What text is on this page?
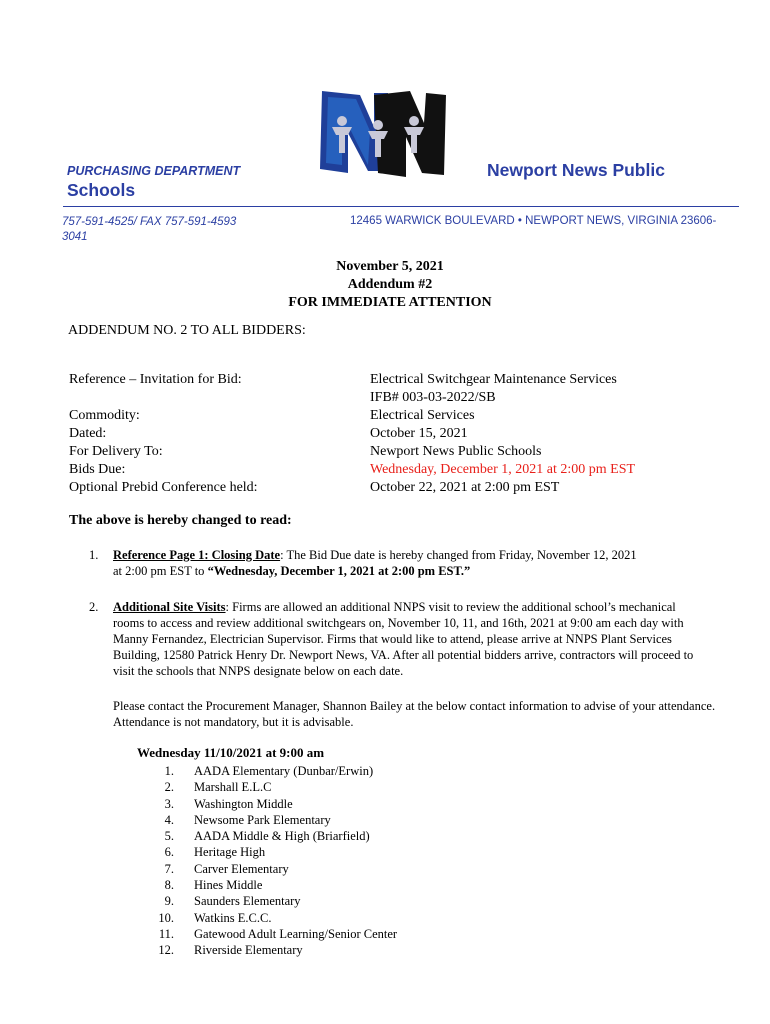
PURCHASING DEPARTMENT	Newport News Public
Schools
757-591-4525/ FAX 757-591-4593
3041
12465 WARWICK BOULEVARD • NEWPORT NEWS, VIRGINIA 23606-
November 5, 2021
Addendum #2
FOR IMMEDIATE ATTENTION
ADDENDUM NO. 2 TO ALL BIDDERS:
Reference – Invitation for Bid:
Commodity:
Dated:
For Delivery To:
Bids Due:
Optional Prebid Conference held:
Electrical Switchgear Maintenance Services
IFB# 003-03-2022/SB
Electrical Services
October 15, 2021
Newport News Public Schools
Wednesday, December 1, 2021 at 2:00 pm EST
October 22, 2021 at 2:00 pm EST
The above is hereby changed to read:
1. Reference Page 1: Closing Date: The Bid Due date is hereby changed from Friday, November 12, 2021
at 2:00 pm EST to “Wednesday, December 1, 2021 at 2:00 pm EST.”
2. Additional Site Visits: Firms are allowed an additional NNPS visit to review the additional school’s mechanical rooms to access and review additional switchgears on, November 10, 11, and 16th, 2021 at 9:00 am each day with Manny Fernandez, Electrician Supervisor. Firms that would like to attend, please arrive at NNPS Plant Services Building, 12580 Patrick Henry Dr. Newport News, VA. After all potential bidders arrive, contractors will proceed to visit the schools that NNPS designate below on each date.
Please contact the Procurement Manager, Shannon Bailey at the below contact information to advise of your attendance. Attendance is not mandatory, but it is advisable.
Wednesday 11/10/2021 at 9:00 am
1. AADA Elementary (Dunbar/Erwin)
2. Marshall E.L.C
3. Washington Middle
4. Newsome Park Elementary
5. AADA Middle & High (Briarfield)
6. Heritage High
7. Carver Elementary
8. Hines Middle
9. Saunders Elementary
10. Watkins E.C.C.
11. Gatewood Adult Learning/Senior Center
12. Riverside Elementary
